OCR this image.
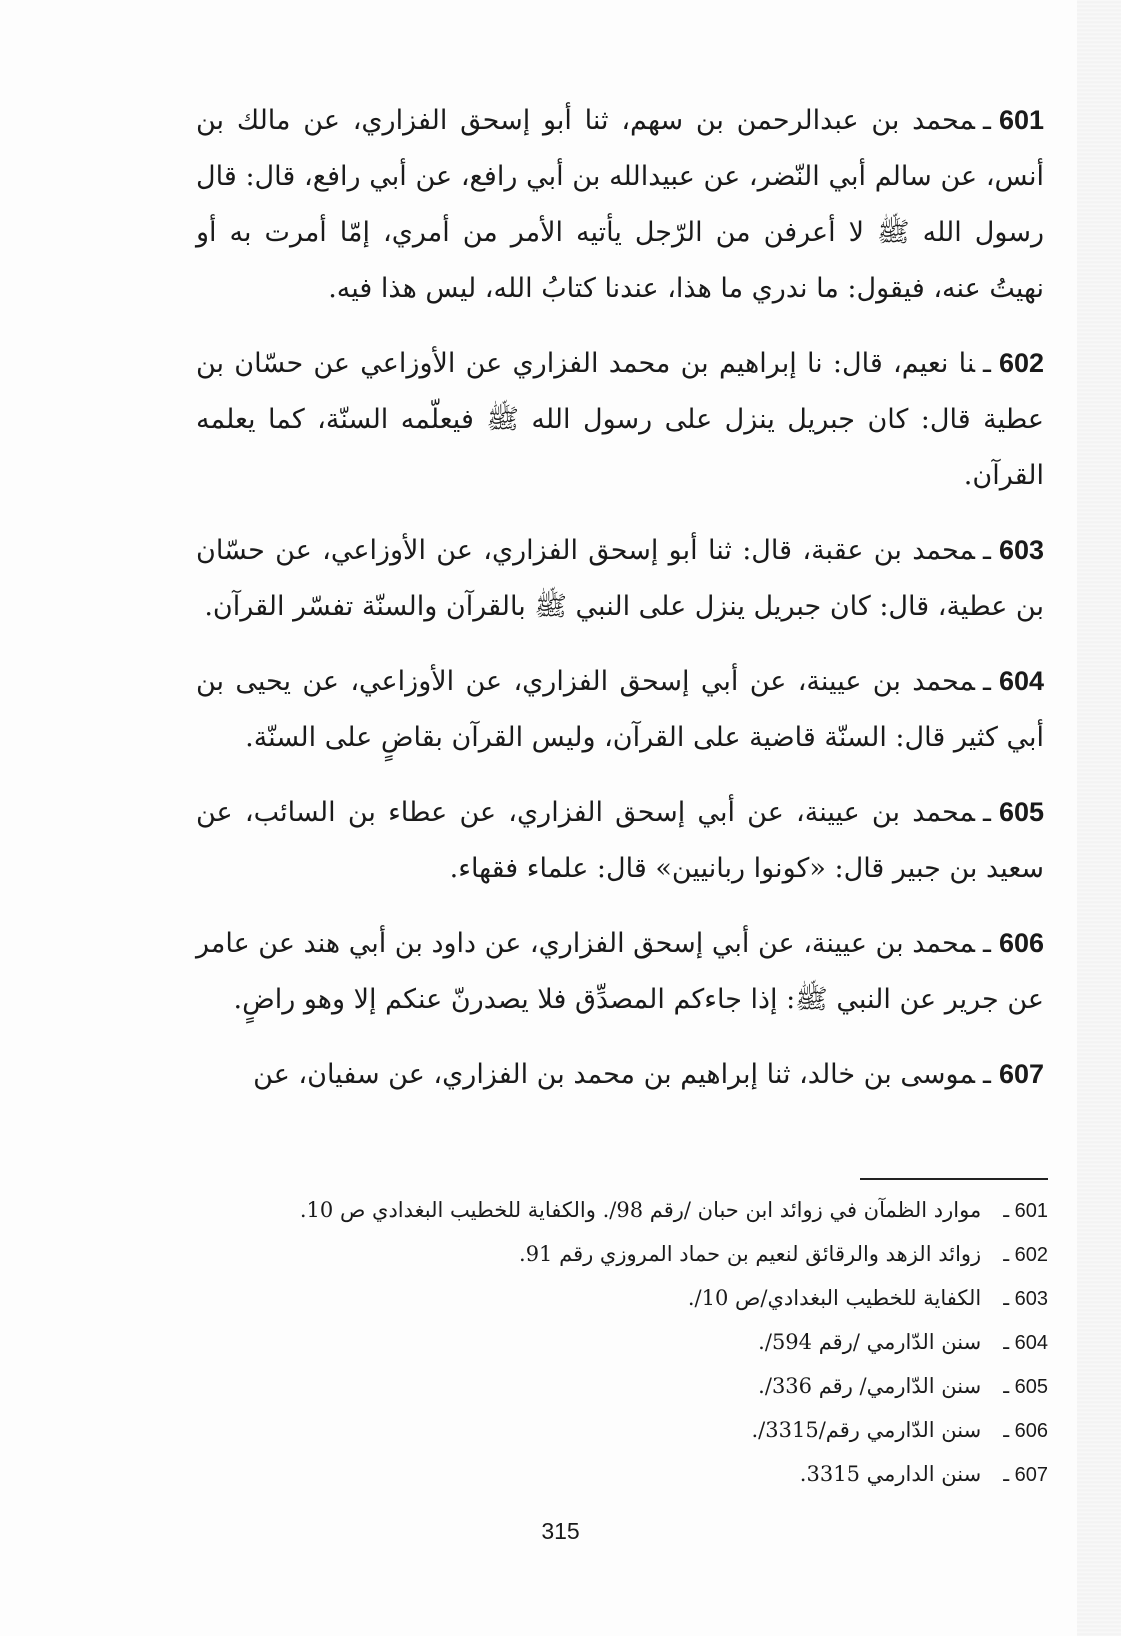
601ـمحمد بن عبدالرحمن بن سهم، ثنا أبو إسحق الفزاري، عن مالك بن أنس، عن سالم أبي النّضر، عن عبيدالله بن أبي رافع، عن أبي رافع، قال: قال رسول الله ﷺ لا أعرفن من الرّجل يأتيه الأمر من أمري، إمّا أمرت به أو نهيتُ عنه، فيقول: ما ندري ما هذا، عندنا كتابُ الله، ليس هذا فيه.

602ـنا نعيم، قال: نا إبراهيم بن محمد الفزاري عن الأوزاعي عن حسّان بن عطية قال: كان جبريل ينزل على رسول الله ﷺ فيعلّمه السنّة، كما يعلمه القرآن.

603ـمحمد بن عقبة، قال: ثنا أبو إسحق الفزاري، عن الأوزاعي، عن حسّان بن عطية، قال: كان جبريل ينزل على النبي ﷺ بالقرآن والسنّة تفسّر القرآن.

604ـمحمد بن عيينة، عن أبي إسحق الفزاري، عن الأوزاعي، عن يحيى بن أبي كثير قال: السنّة قاضية على القرآن، وليس القرآن بقاضٍ على السنّة.

605ـمحمد بن عيينة، عن أبي إسحق الفزاري، عن عطاء بن السائب، عن سعيد بن جبير قال: «كونوا ربانيين» قال: علماء فقهاء.

606ـمحمد بن عيينة، عن أبي إسحق الفزاري، عن داود بن أبي هند عن عامر عن جرير عن النبي ﷺ: إذا جاءكم المصدِّق فلا يصدرنّ عنكم إلا وهو راضٍ.

607ـموسى بن خالد، ثنا إبراهيم بن محمد بن الفزاري، عن سفيان، عن

601 ـموارد الظمآن في زوائد ابن حبان /رقم 98/. والكفاية للخطيب البغدادي ص 10.
602 ـزوائد الزهد والرقائق لنعيم بن حماد المروزي رقم 91.
603 ـالكفاية للخطيب البغدادي/ص 10/.
604 ـسنن الدّارمي /رقم 594/.
605 ـسنن الدّارمي/ رقم 336/.
606 ـسنن الدّارمي رقم/3315/.
607 ـسنن الدارمي 3315.
315
